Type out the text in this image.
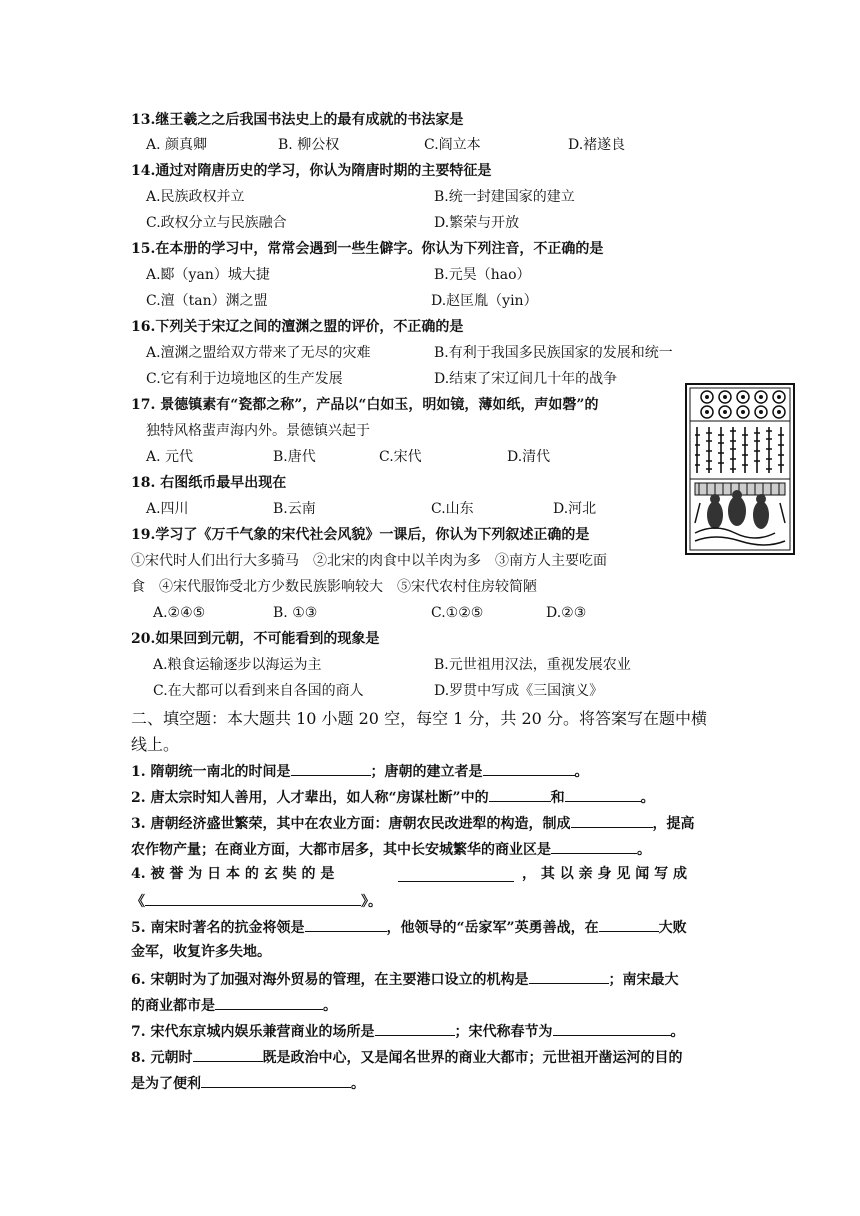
13.继王羲之之后我国书法史上的最有成就的书法家是
A. 颜真卿	B. 柳公权	C.阎立本	D.褚遂良
14.通过对隋唐历史的学习，你认为隋唐时期的主要特征是
A.民族政权并立	B.统一封建国家的建立
C.政权分立与民族融合	D.繁荣与开放
15.在本册的学习中，常常会遇到一些生僻字。你认为下列注音，不正确的是
A.郾（yan）城大捷	B.元昊（hao）
C.澶（tan）渊之盟	D.赵匡胤（yin）
16.下列关于宋辽之间的澶渊之盟的评价，不正确的是
A.澶渊之盟给双方带来了无尽的灾难	B.有利于我国多民族国家的发展和统一
C.它有利于边境地区的生产发展	D.结束了宋辽间几十年的战争
17. 景德镇素有“瓷都之称”，产品以“白如玉，明如镜，薄如纸，声如磬”的
独特风格蜚声海内外。景德镇兴起于
A. 元代	B.唐代	C.宋代	D.清代
18. 右图纸币最早出现在
A.四川	B.云南	C.山东	D.河北
19.学习了《万千气象的宋代社会风貌》一课后，你认为下列叙述正确的是
①宋代时人们出行大多骑马　②北宋的肉食中以羊肉为多　③南方人主要吃面
食　④宋代服饰受北方少数民族影响较大　⑤宋代农村住房较简陋
A.②④⑤	B. ①③	C.①②⑤	D.②③
20.如果回到元朝，不可能看到的现象是
A.粮食运输逐步以海运为主	B.元世祖用汉法，重视发展农业
C.在大都可以看到来自各国的商人	D.罗贯中写成《三国演义》
二、填空题：本大题共 10 小题 20 空，每空 1 分，共 20 分。将答案写在题中横
线上。
1. 隋朝统一南北的时间是	；唐朝的建立者是	。
2. 唐太宗时知人善用，人才辈出，如人称“房谋杜断”中的	和	。
3. 唐朝经济盛世繁荣，其中在农业方面：唐朝农民改进犁的构造，制成	，提高
农作物产量；在商业方面，大都市居多，其中长安城繁华的商业区是	。
4. 被 誉 为 日 本 的 玄 奘 的 是	， 其 以 亲 身 见 闻 写 成
《	》。
5. 南宋时著名的抗金将领是	，他领导的“岳家军”英勇善战，在	大败
金军，收复许多失地。
6. 宋朝时为了加强对海外贸易的管理，在主要港口设立的机构是	；南宋最大
的商业都市是	。
7. 宋代东京城内娱乐兼营商业的场所是	；宋代称春节为	。
8. 元朝时	既是政治中心，又是闻名世界的商业大都市；元世祖开凿运河的目的
是为了便利	。
